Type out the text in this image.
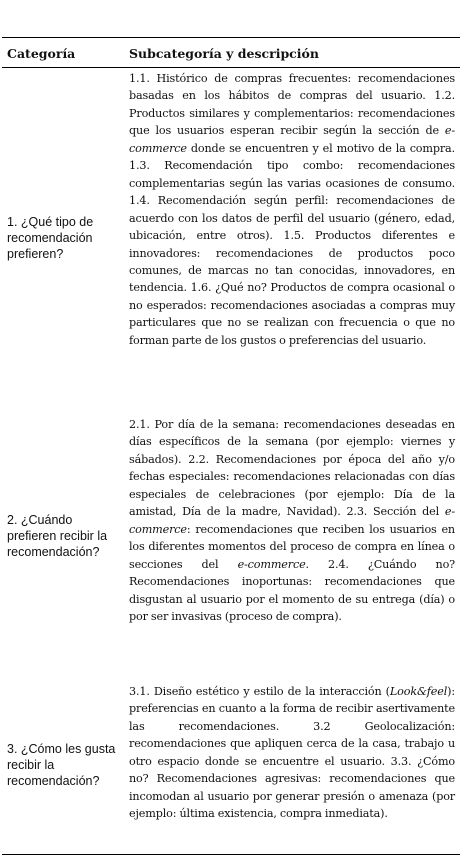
Categoría	Subcategoría y descripción
1. ¿Qué tipo de recomendación prefieren?
1.1. Histórico de compras frecuentes: recomendaciones basadas en los hábitos de compras del usuario. 1.2. Productos similares y complementarios: recomendaciones que los usuarios esperan recibir según la sección de e-commerce donde se encuentren y el motivo de la compra. 1.3. Recomendación tipo combo: recomendaciones complementarias según las varias ocasiones de consumo. 1.4. Recomendación según perfil: recomendaciones de acuerdo con los datos de perfil del usuario (género, edad, ubicación, entre otros). 1.5. Productos diferentes e innovadores: recomendaciones de productos poco comunes, de marcas no tan conocidas, innovadores, en tendencia. 1.6. ¿Qué no? Productos de compra ocasional o no esperados: recomendaciones asociadas a compras muy particulares que no se realizan con frecuencia o que no forman parte de los gustos o preferencias del usuario.
2. ¿Cuándo prefieren recibir la recomendación?
2.1. Por día de la semana: recomendaciones deseadas en días específicos de la semana (por ejemplo: viernes y sábados). 2.2. Recomendaciones por época del año y/o fechas especiales: recomendaciones relacionadas con días especiales de celebraciones (por ejemplo: Día de la amistad, Día de la madre, Navidad). 2.3. Sección del e-commerce: recomendaciones que reciben los usuarios en los diferentes momentos del proceso de compra en línea o secciones del e-commerce. 2.4. ¿Cuándo no? Recomendaciones inoportunas: recomendaciones que disgustan al usuario por el momento de su entrega (día) o por ser invasivas (proceso de compra).
3. ¿Cómo les gusta recibir la recomendación?
3.1. Diseño estético y estilo de la interacción (Look&feel): preferencias en cuanto a la forma de recibir asertivamente las recomendaciones. 3.2 Geolocalización: recomendaciones que apliquen cerca de la casa, trabajo u otro espacio donde se encuentre el usuario. 3.3. ¿Cómo no? Recomendaciones agresivas: recomendaciones que incomodan al usuario por generar presión o amenaza (por ejemplo: última existencia, compra inmediata).
